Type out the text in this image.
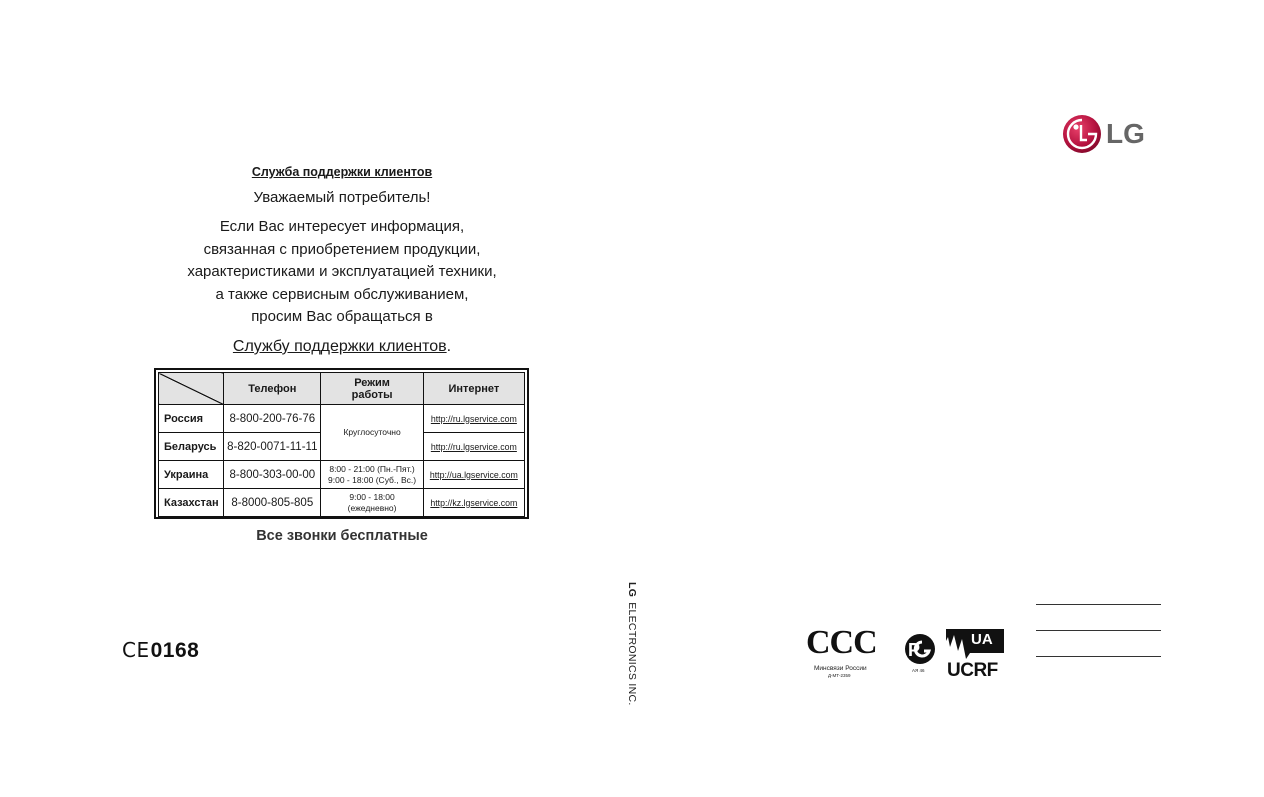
LG
Служба поддержки клиентов
Уважаемый потребитель!
Если Вас интересует информация,
связанная с приобретением продукции,
характеристиками и эксплуатацией техники,
а также сервисным обслуживанием,
просим Вас обращаться в
Службу поддержки клиентов.
	Телефон	Режим работы	Интернет
Россия	8-800-200-76-76	Круглосуточно	http://ru.lgservice.com
Беларусь	8-820-0071-11-11		http://ru.lgservice.com
Украина	8-800-303-00-00	8:00 - 21:00 (Пн.-Пят.) 9:00 - 18:00 (Суб., Вс.)	http://ua.lgservice.com
Казахстан	8-8000-805-805	9:00 - 18:00 (ежедневно)	http://kz.lgservice.com
Все звонки бесплатные
CE0168
LGELECTRONICS INC.	CCC
Минсвязи России
Д-МТ-2359
P
АЯ 46
UA
UCRF
